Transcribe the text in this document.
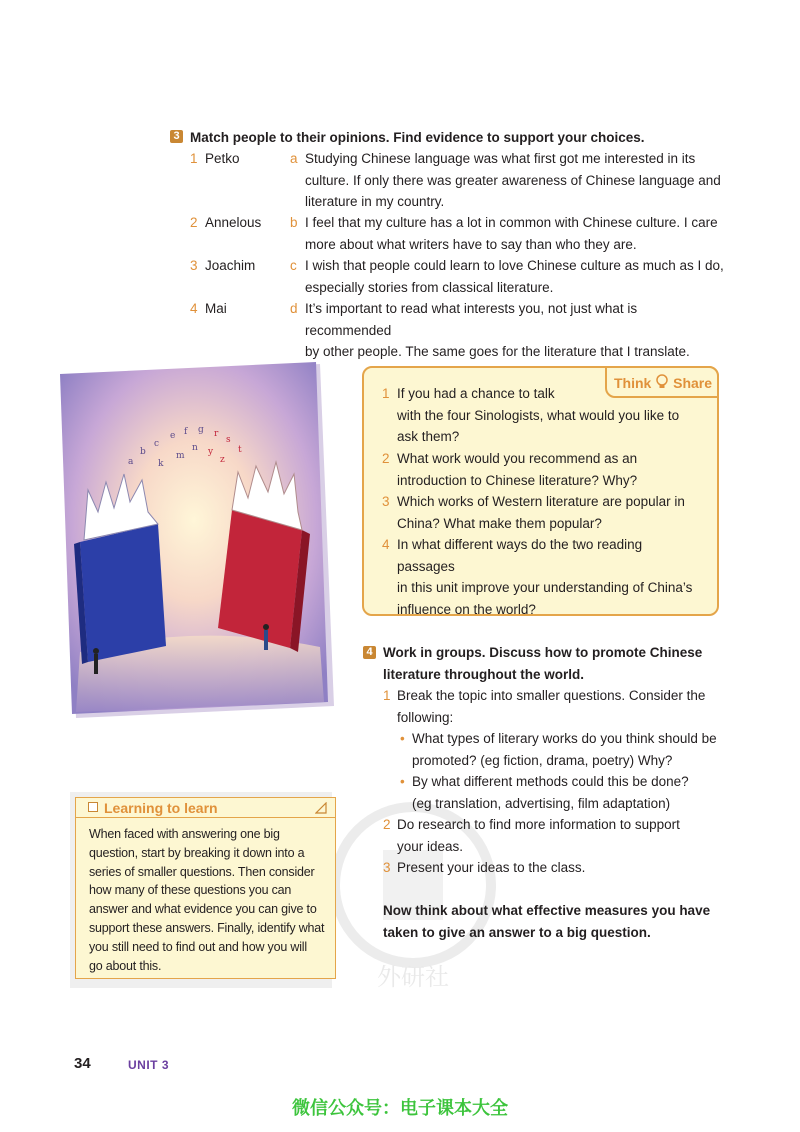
3 Match people to their opinions. Find evidence to support your choices.
1 Petko	a Studying Chinese language was what first got me interested in its
culture. If only there was greater awareness of Chinese language and
literature in my country.
2 Annelous b I feel that my culture has a lot in common with Chinese culture. I care
more about what writers have to say than who they are.
3 Joachim	c I wish that people could learn to love Chinese culture as much as I do,
especially stories from classical literature.
4 Mai	d It’s important to read what interests you, not just what is recommended
by other people. The same goes for the literature that I translate.
a
b
c
e f g r
s
t
m
n y
k	z
Think Share
1 If you had a chance to talk
with the four Sinologists, what would you like to
ask them?
2 What work would you recommend as an
introduction to Chinese literature? Why?
3 Which works of Western literature are popular in
China? What make them popular?
4 In what different ways do the two reading passages
in this unit improve your understanding of China’s
influence on the world?
外研社
4 Work in groups. Discuss how to promote Chinese
literature throughout the world.
1 Break the topic into smaller questions. Consider the
following:
• What types of literary works do you think should be
promoted? (eg fiction, drama, poetry) Why?
• By what different methods could this be done?
(eg translation, advertising, film adaptation)
2 Do research to find more information to support
your ideas.
3 Present your ideas to the class.
Now think about what effective measures you have
taken to give an answer to a big question.
Learning to learn
When faced with answering one big
question, start by breaking it down into a
series of smaller questions. Then consider
how many of these questions you can
answer and what evidence you can give to
support these answers. Finally, identify what
you still need to find out and how you will
go about this.
34	UNIT 3
微信公众号：电子课本大全
